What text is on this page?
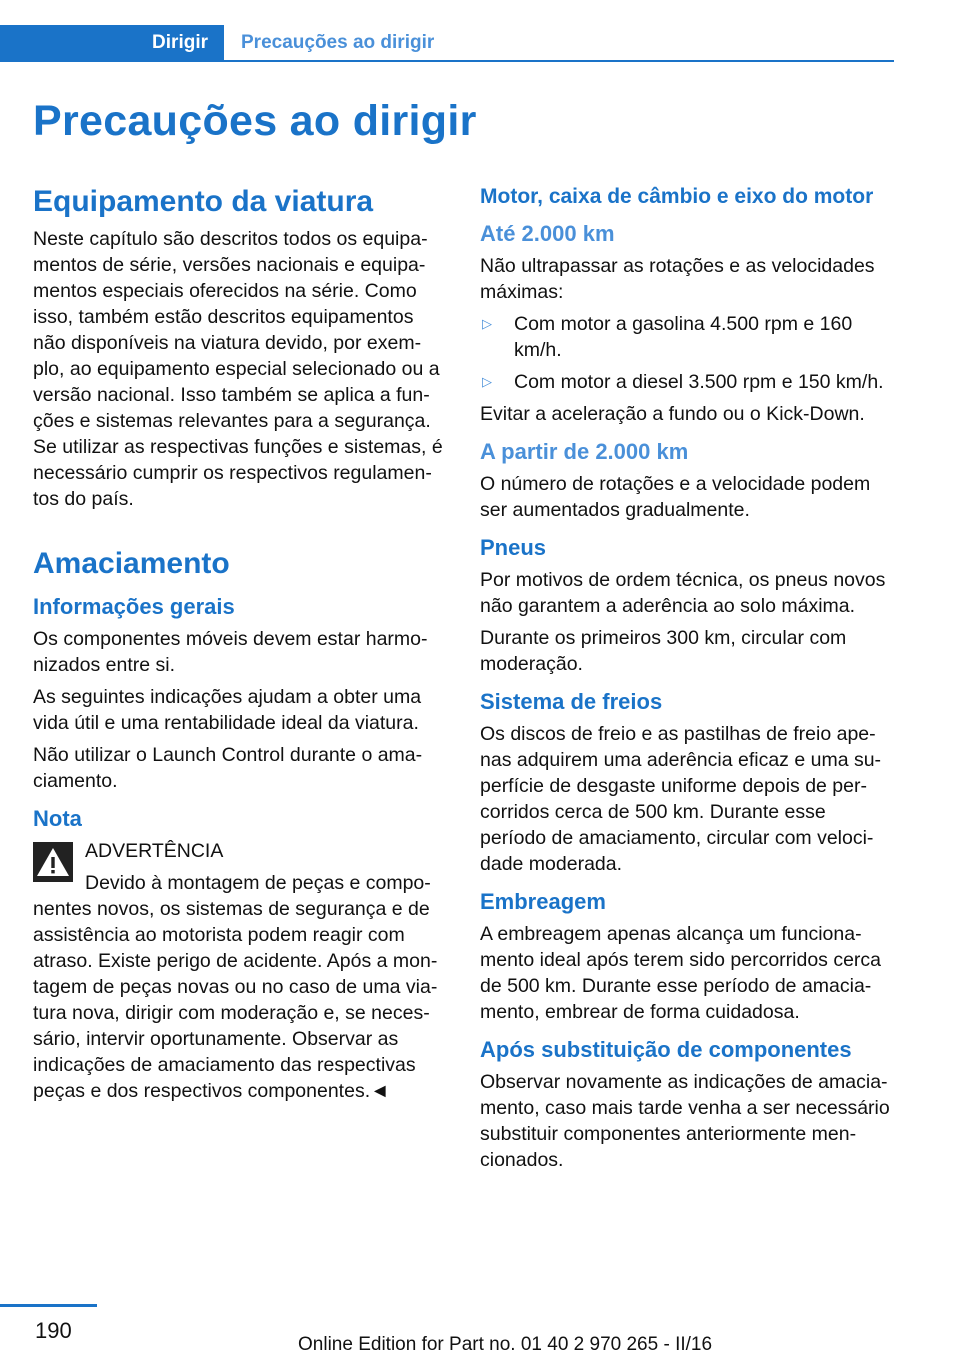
Dirigir Precauções ao dirigir
Precauções ao dirigir
Equipamento da viatura

Neste capítulo são descritos todos os equipa-mentos de série, versões nacionais e equipa-mentos especiais oferecidos na série. Como isso, também estão descritos equipamentos não disponíveis na viatura devido, por exem-plo, ao equipamento especial selecionado ou a versão nacional. Isso também se aplica a fun-ções e sistemas relevantes para a segurança. Se utilizar as respectivas funções e sistemas, é necessário cumprir os respectivos regulamen-tos do país.

Amaciamento
Informações gerais

Os componentes móveis devem estar harmo-nizados entre si.

As seguintes indicações ajudam a obter uma vida útil e uma rentabilidade ideal da viatura.

Não utilizar o Launch Control durante o ama-ciamento.

Nota

ADVERTÊNCIA

Devido à montagem de peças e compo-

nentes novos, os sistemas de segurança e de assistência ao motorista podem reagir com atraso. Existe perigo de acidente. Após a mon-tagem de peças novas ou no caso de uma via-tura nova, dirigir com moderação e, se neces-sário, intervir oportunamente. Observar as indicações de amaciamento das respectivas peças e dos respectivos componentes.◄

Motor, caixa de câmbio e eixo do motor
Até 2.000 km

Não ultrapassar as rotações e as velocidades máximas:

▷ Com motor a gasolina 4.500 rpm e 160 km/h.
▷ Com motor a diesel 3.500 rpm e 150 km/h.

Evitar a aceleração a fundo ou o Kick-Down.

A partir de 2.000 km

O número de rotações e a velocidade podem ser aumentados gradualmente.

Pneus

Por motivos de ordem técnica, os pneus novos não garantem a aderência ao solo máxima.

Durante os primeiros 300 km, circular com moderação.

Sistema de freios

Os discos de freio e as pastilhas de freio ape-nas adquirem uma aderência eficaz e uma su-perfície de desgaste uniforme depois de per-corridos cerca de 500 km. Durante esse período de amaciamento, circular com veloci-dade moderada.

Embreagem

A embreagem apenas alcança um funciona-mento ideal após terem sido percorridos cerca de 500 km. Durante esse período de amacia-mento, embrear de forma cuidadosa.

Após substituição de componentes

Observar novamente as indicações de amacia-mento, caso mais tarde venha a ser necessário substituir componentes anteriormente men-cionados.

190
Online Edition for Part no. 01 40 2 970 265 - II/16
